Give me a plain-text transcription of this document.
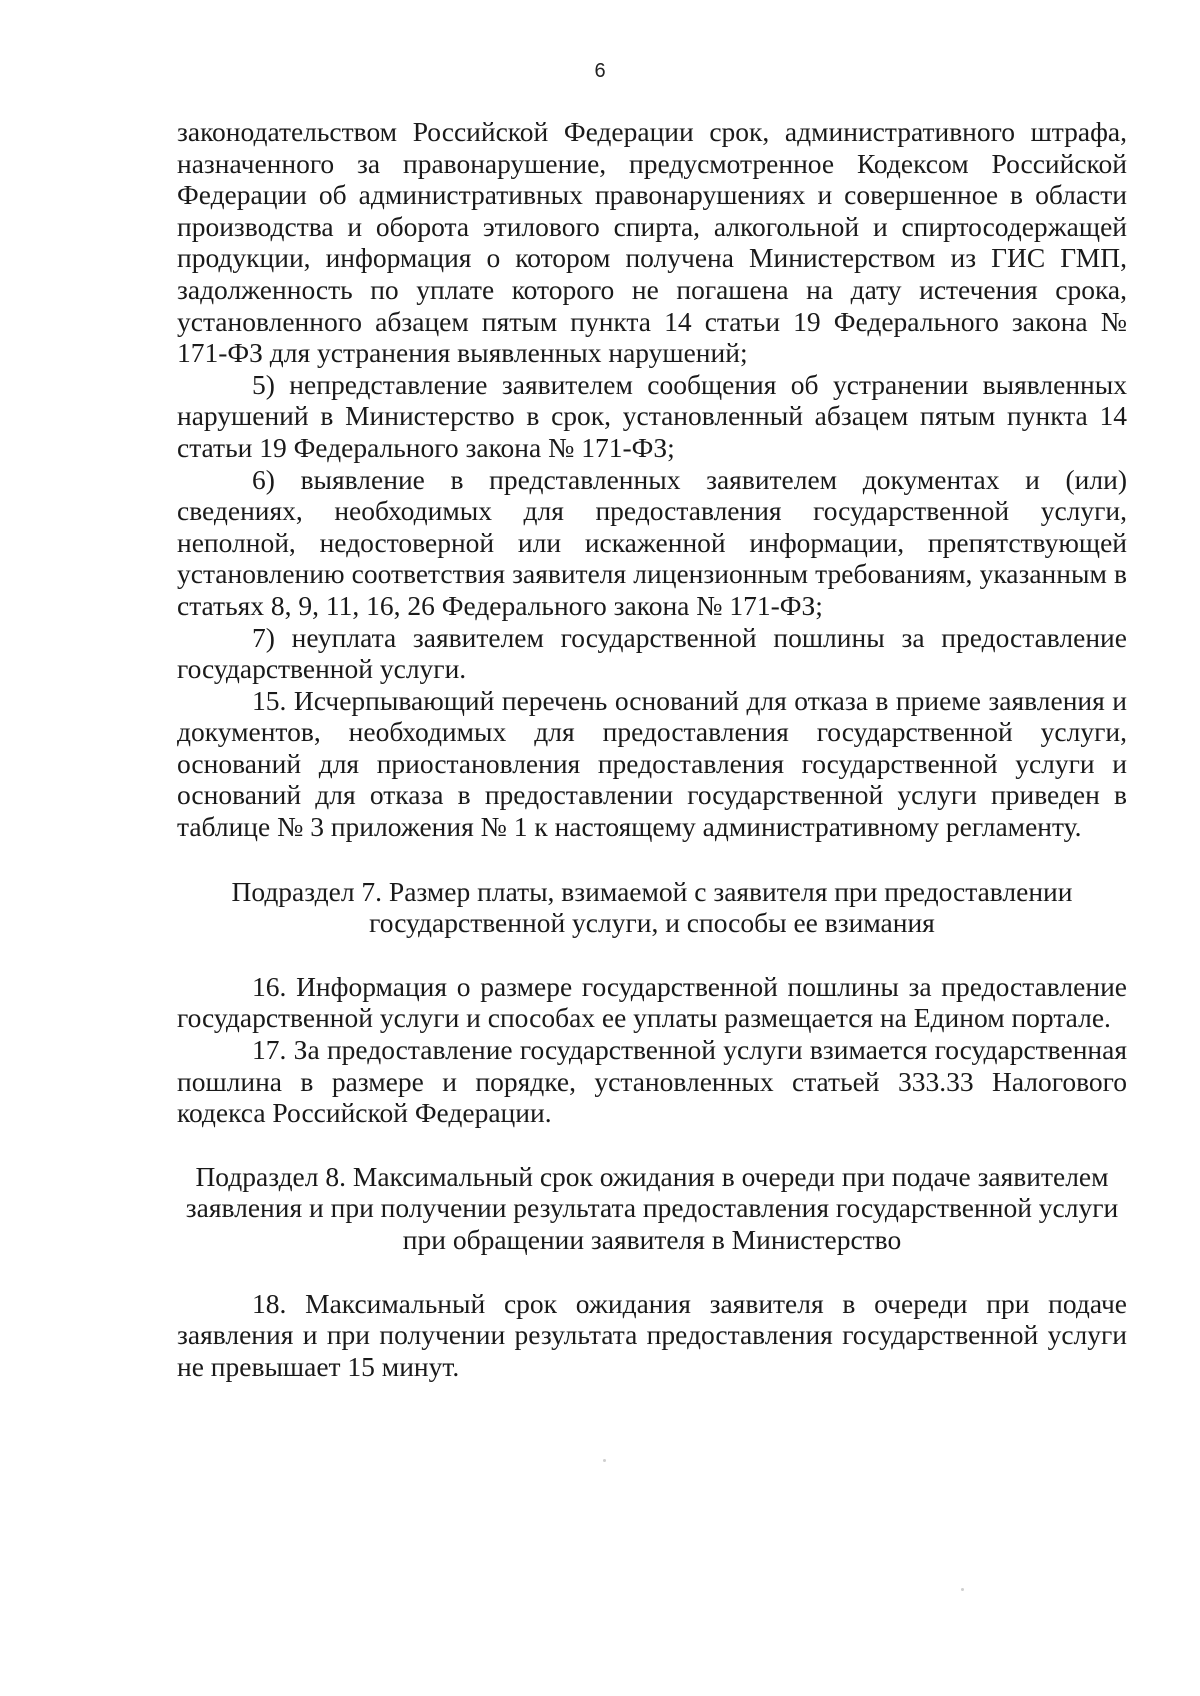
6

законодательством Российской Федерации срок, административного штрафа, назначенного за правонарушение, предусмотренное Кодексом Российской Федерации об административных правонарушениях и совершенное в области производства и оборота этилового спирта, алкогольной и спиртосодержащей продукции, информация о котором получена Министерством из ГИС ГМП, задолженность по уплате которого не погашена на дату истечения срока, установленного абзацем пятым пункта 14 статьи 19 Федерального закона № 171-ФЗ для устранения выявленных нарушений;

5) непредставление заявителем сообщения об устранении выявленных нарушений в Министерство в срок, установленный абзацем пятым пункта 14 статьи 19 Федерального закона № 171-ФЗ;

6) выявление в представленных заявителем документах и (или) сведениях, необходимых для предоставления государственной услуги, неполной, недостоверной или искаженной информации, препятствующей установлению соответствия заявителя лицензионным требованиям, указанным в статьях 8, 9, 11, 16, 26 Федерального закона № 171-ФЗ;

7) неуплата заявителем государственной пошлины за предоставление государственной услуги.

15. Исчерпывающий перечень оснований для отказа в приеме заявления и документов, необходимых для предоставления государственной услуги, оснований для приостановления предоставления государственной услуги и оснований для отказа в предоставлении государственной услуги приведен в таблице № 3 приложения № 1 к настоящему административному регламенту.

Подраздел 7. Размер платы, взимаемой с заявителя при предоставлении государственной услуги, и способы ее взимания

16. Информация о размере государственной пошлины за предоставление государственной услуги и способах ее уплаты размещается на Едином портале.

17. За предоставление государственной услуги взимается государственная пошлина в размере и порядке, установленных статьей 333.33 Налогового кодекса Российской Федерации.

Подраздел 8. Максимальный срок ожидания в очереди при подаче заявителем заявления и при получении результата предоставления государственной услуги при обращении заявителя в Министерство

18. Максимальный срок ожидания заявителя в очереди при подаче заявления и при получении результата предоставления государственной услуги не превышает 15 минут.
